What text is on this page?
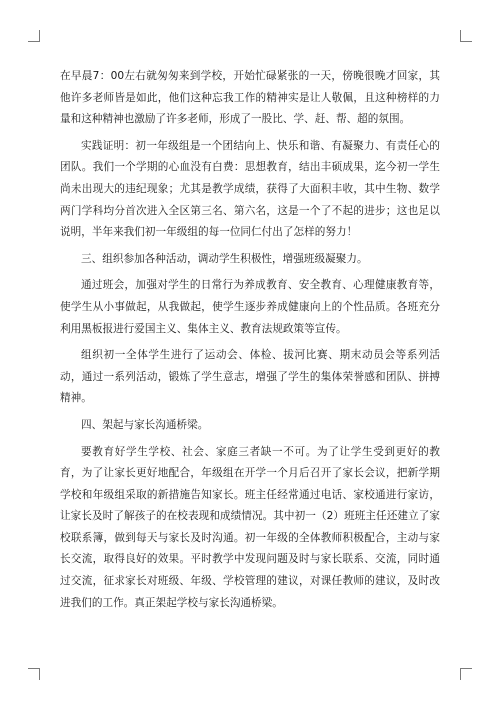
在早晨7：00左右就匆匆来到学校，开始忙碌紧张的一天，傍晚很晚才回家，其他许多老师皆是如此，他们这种忘我工作的精神实是让人敬佩，且这种榜样的力量和这种精神也激励了许多老师，形成了一股比、学、赶、帮、超的氛围。

实践证明：初一年级组是一个团结向上、快乐和谐、有凝聚力、有责任心的团队。我们一个学期的心血没有白费：思想教育，结出丰硕成果，迄今初一学生尚未出现大的违纪现象；尤其是教学成绩，获得了大面积丰收，其中生物、数学两门学科均分首次进入全区第三名、第六名，这是一个了不起的进步；这也足以说明，半年来我们初一年级组的每一位同仁付出了怎样的努力！

三、组织参加各种活动，调动学生积极性，增强班级凝聚力。

通过班会，加强对学生的日常行为养成教育、安全教育、心理健康教育等，使学生从小事做起，从我做起，使学生逐步养成健康向上的个性品质。各班充分利用黑板报进行爱国主义、集体主义、教育法规政策等宣传。

组织初一全体学生进行了运动会、体检、拔河比赛、期末动员会等系列活动，通过一系列活动，锻炼了学生意志，增强了学生的集体荣誉感和团队、拼搏精神。

四、架起与家长沟通桥梁。

要教育好学生学校、社会、家庭三者缺一不可。为了让学生受到更好的教育，为了让家长更好地配合，年级组在开学一个月后召开了家长会议，把新学期学校和年级组采取的新措施告知家长。班主任经常通过电话、家校通进行家访，让家长及时了解孩子的在校表现和成绩情况。其中初一（2）班班主任还建立了家校联系簿，做到每天与家长及时沟通。初一年级的全体教师积极配合，主动与家长交流，取得良好的效果。平时教学中发现问题及时与家长联系、交流，同时通过交流，征求家长对班级、年级、学校管理的建议，对课任教师的建议，及时改进我们的工作。真正架起学校与家长沟通桥梁。
